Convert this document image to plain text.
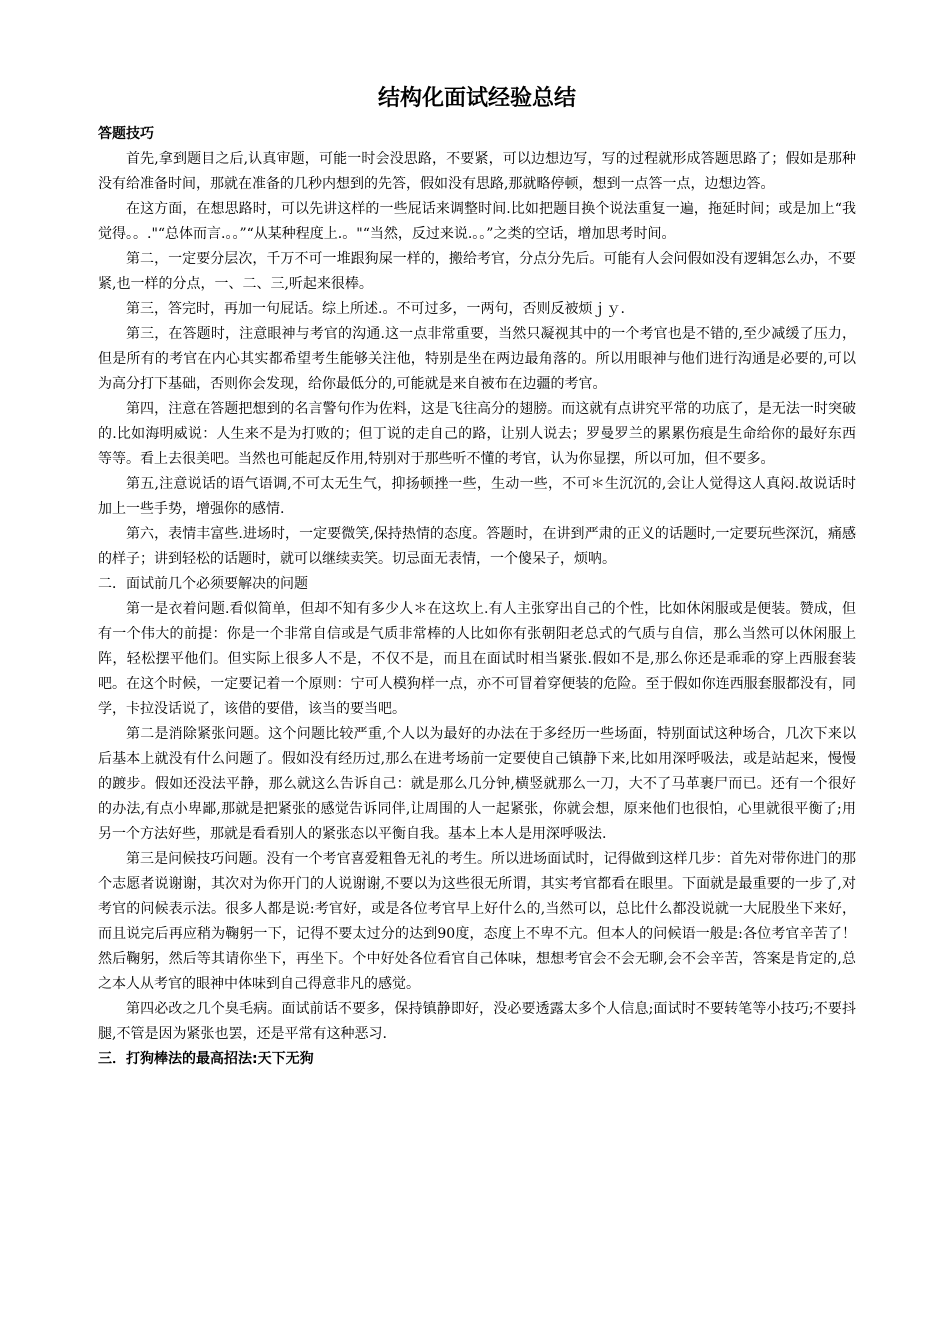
结构化面试经验总结
答题技巧

首先,拿到题目之后,认真审题，可能一时会没思路，不要紧，可以边想边写，写的过程就形成答题思路了；假如是那种没有给准备时间，那就在准备的几秒内想到的先答，假如没有思路,那就略停顿，想到一点答一点，边想边答。

在这方面，在想思路时，可以先讲这样的一些屁话来调整时间.比如把题目换个说法重复一遍，拖延时间；或是加上“我觉得。。."“总体而言.。。”“从某种程度上.。"“当然，反过来说.。。”之类的空话，增加思考时间。

第二，一定要分层次，千万不可一堆跟狗屎一样的，搬给考官，分点分先后。可能有人会问假如没有逻辑怎么办，不要紧,也一样的分点，一、二、三,听起来很棒。

第三，答完时，再加一句屁话。综上所述.。不可过多，一两句，否则反被烦ｊｙ.

第三，在答题时，注意眼神与考官的沟通.这一点非常重要，当然只凝视其中的一个考官也是不错的,至少减缓了压力，但是所有的考官在内心其实都希望考生能够关注他，特别是坐在两边最角落的。所以用眼神与他们进行沟通是必要的,可以为高分打下基础，否则你会发现，给你最低分的,可能就是来自被布在边疆的考官。

第四，注意在答题把想到的名言警句作为佐料，这是飞往高分的翅膀。而这就有点讲究平常的功底了，是无法一时突破的.比如海明威说：人生来不是为打败的；但丁说的走自己的路，让别人说去；罗曼罗兰的累累伤痕是生命给你的最好东西等等。看上去很美吧。当然也可能起反作用,特别对于那些听不懂的考官，认为你显摆，所以可加，但不要多。

第五,注意说话的语气语调,不可太无生气，抑扬顿挫一些，生动一些，不可＊生沉沉的,会让人觉得这人真闷.故说话时加上一些手势，增强你的感情.

第六，表情丰富些.进场时，一定要微笑,保持热情的态度。答题时，在讲到严肃的正义的话题时,一定要玩些深沉，痛感的样子；讲到轻松的话题时，就可以继续卖笑。切忌面无表情，一个傻呆子，烦呐。

二．面试前几个必须要解决的问题

第一是衣着问题.看似简单，但却不知有多少人＊在这坎上.有人主张穿出自己的个性，比如休闲服或是便装。赞成，但有一个伟大的前提：你是一个非常自信或是气质非常棒的人比如你有张朝阳老总式的气质与自信，那么当然可以休闲服上阵，轻松摆平他们。但实际上很多人不是，不仅不是，而且在面试时相当紧张.假如不是,那么你还是乖乖的穿上西服套装吧。在这个时候，一定要记着一个原则：宁可人模狗样一点，亦不可冒着穿便装的危险。至于假如你连西服套服都没有，同学，卡拉没话说了，该借的要借，该当的要当吧。

第二是消除紧张问题。这个问题比较严重,个人以为最好的办法在于多经历一些场面，特别面试这种场合，几次下来以后基本上就没有什么问题了。假如没有经历过,那么在进考场前一定要使自己镇静下来,比如用深呼吸法，或是站起来，慢慢的踱步。假如还没法平静，那么就这么告诉自己：就是那么几分钟,横竖就那么一刀，大不了马革裹尸而已。还有一个很好的办法,有点小卑鄙,那就是把紧张的感觉告诉同伴,让周围的人一起紧张，你就会想，原来他们也很怕，心里就很平衡了;用另一个方法好些，那就是看看别人的紧张态以平衡自我。基本上本人是用深呼吸法.

第三是问候技巧问题。没有一个考官喜爱粗鲁无礼的考生。所以进场面试时，记得做到这样几步：首先对带你进门的那个志愿者说谢谢，其次对为你开门的人说谢谢,不要以为这些很无所谓，其实考官都看在眼里。下面就是最重要的一步了,对考官的问候表示法。很多人都是说:考官好，或是各位考官早上好什么的,当然可以，总比什么都没说就一大屁股坐下来好，而且说完后再应稍为鞠躬一下，记得不要太过分的达到90度，态度上不卑不亢。但本人的问候语一般是:各位考官辛苦了！然后鞠躬，然后等其请你坐下，再坐下。个中好处各位看官自己体味，想想考官会不会无聊,会不会辛苦，答案是肯定的,总之本人从考官的眼神中体味到自己得意非凡的感觉。

第四必改之几个臭毛病。面试前话不要多，保持镇静即好，没必要透露太多个人信息;面试时不要转笔等小技巧;不要抖腿,不管是因为紧张也罢，还是平常有这种恶习.

三．打狗棒法的最高招法:天下无狗
